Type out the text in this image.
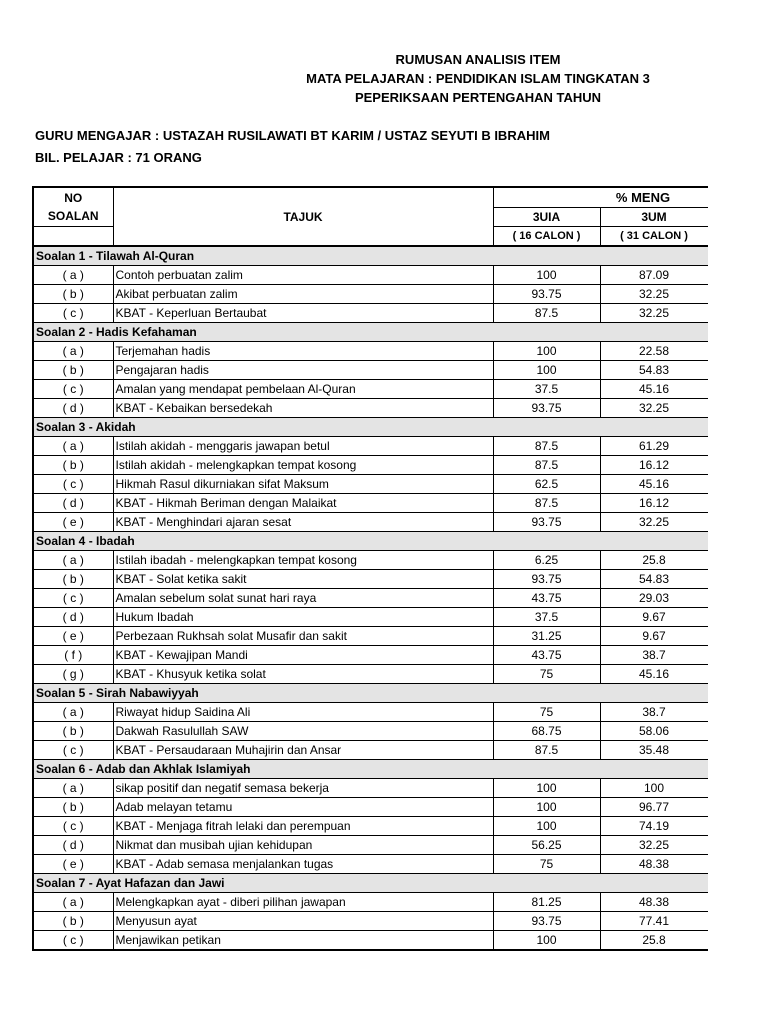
RUMUSAN ANALISIS ITEM
MATA PELAJARAN : PENDIDIKAN ISLAM TINGKATAN 3
PEPERIKSAAN PERTENGAHAN TAHUN
GURU MENGAJAR : USTAZAH RUSILAWATI BT KARIM / USTAZ SEYUTI B IBRAHIM
BIL. PELAJAR : 71 ORANG
NO
SOALAN	TAJUK	% MENG		
		3UIA	3UM	
		( 16 CALON )	( 31 CALON )	
Soalan 1 - Tilawah Al-Quran				
( a )	Contoh perbuatan zalim	100	87.09	
( b )	Akibat perbuatan zalim	93.75	32.25	
( c )	KBAT - Keperluan Bertaubat	87.5	32.25	
Soalan 2 - Hadis Kefahaman				
( a )	Terjemahan hadis	100	22.58	
( b )	Pengajaran hadis	100	54.83	
( c )	Amalan yang mendapat pembelaan Al-Quran	37.5	45.16	
( d )	KBAT - Kebaikan bersedekah	93.75	32.25	
Soalan 3 - Akidah				
( a )	Istilah akidah - menggaris jawapan betul	87.5	61.29	
( b )	Istilah akidah - melengkapkan tempat kosong	87.5	16.12	
( c )	Hikmah Rasul dikurniakan sifat Maksum	62.5	45.16	
( d )	KBAT - Hikmah Beriman dengan Malaikat	87.5	16.12	
( e )	KBAT - Menghindari ajaran sesat	93.75	32.25	
Soalan 4 - Ibadah				
( a )	Istilah ibadah - melengkapkan tempat kosong	6.25	25.8	
( b )	KBAT - Solat ketika sakit	93.75	54.83	
( c )	Amalan sebelum solat sunat hari raya	43.75	29.03	
( d )	Hukum Ibadah	37.5	9.67	
( e )	Perbezaan Rukhsah solat Musafir dan sakit	31.25	9.67	
( f )	KBAT - Kewajipan Mandi	43.75	38.7	
( g )	KBAT - Khusyuk ketika solat	75	45.16	
Soalan 5 - Sirah Nabawiyyah				
( a )	Riwayat hidup Saidina Ali	75	38.7	
( b )	Dakwah Rasulullah SAW	68.75	58.06	
( c )	KBAT - Persaudaraan Muhajirin dan Ansar	87.5	35.48	
Soalan 6 - Adab dan Akhlak Islamiyah				
( a )	sikap positif dan negatif semasa bekerja	100	100	
( b )	Adab melayan tetamu	100	96.77	
( c )	KBAT - Menjaga fitrah lelaki dan perempuan	100	74.19	
( d )	Nikmat dan musibah ujian kehidupan	56.25	32.25	
( e )	KBAT - Adab semasa menjalankan tugas	75	48.38	
Soalan 7 - Ayat Hafazan dan Jawi				
( a )	Melengkapkan ayat - diberi pilihan jawapan	81.25	48.38	
( b )	Menyusun ayat	93.75	77.41	
( c )	Menjawikan petikan	100	25.8	
